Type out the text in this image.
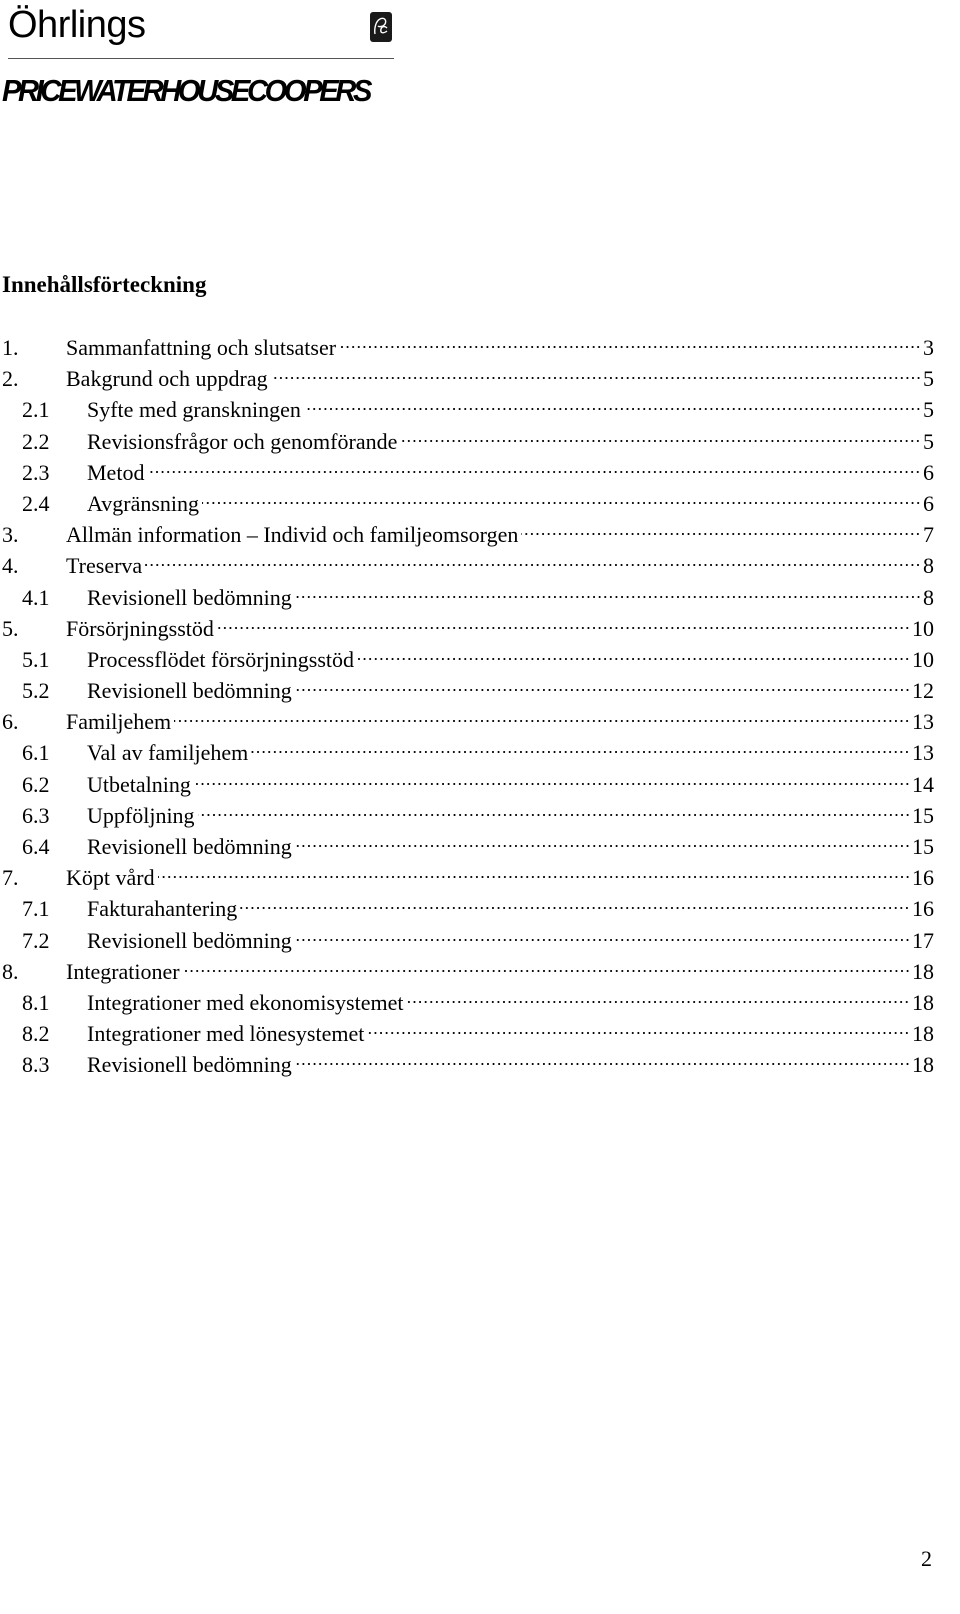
Öhrlings
PRICEWATERHOUSECOOPERS
Innehållsförteckning
1.	Sammanfattning och slutsatser	3
2.	Bakgrund och uppdrag	5
2.1	Syfte med granskningen	5
2.2	Revisionsfrågor och genomförande	5
2.3	Metod	6
2.4	Avgränsning	6
3.	Allmän information – Individ och familjeomsorgen	7
4.	Treserva	8
4.1	Revisionell bedömning	8
5.	Försörjningsstöd	10
5.1	Processflödet försörjningsstöd	10
5.2	Revisionell bedömning	12
6.	Familjehem	13
6.1	Val av familjehem	13
6.2	Utbetalning	14
6.3	Uppföljning	15
6.4	Revisionell bedömning	15
7.	Köpt vård	16
7.1	Fakturahantering	16
7.2	Revisionell bedömning	17
8.	Integrationer	18
8.1	Integrationer med ekonomisystemet	18
8.2	Integrationer med lönesystemet	18
8.3	Revisionell bedömning	18
2
